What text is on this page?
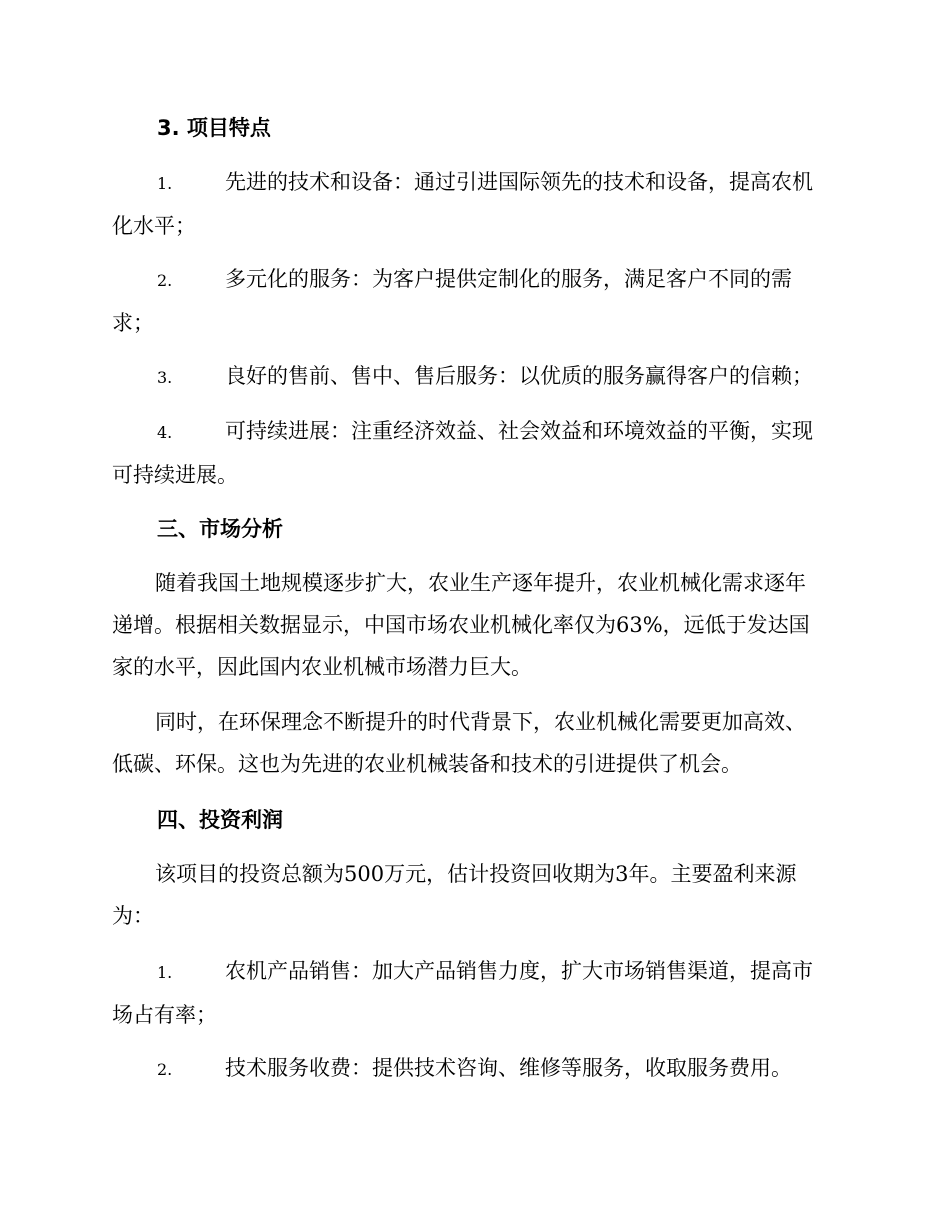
3. 项目特点
1.	先进的技术和设备：通过引进国际领先的技术和设备，提高农机
化水平；
2.	多元化的服务：为客户提供定制化的服务，满足客户不同的需
求；
3.	良好的售前、售中、售后服务：以优质的服务赢得客户的信赖；
4.	可持续进展：注重经济效益、社会效益和环境效益的平衡，实现
可持续进展。
三、市场分析
随着我国土地规模逐步扩大，农业生产逐年提升，农业机械化需求逐年
递增。根据相关数据显示，中国市场农业机械化率仅为63%，远低于发达国
家的水平，因此国内农业机械市场潜力巨大。
同时，在环保理念不断提升的时代背景下，农业机械化需要更加高效、
低碳、环保。这也为先进的农业机械装备和技术的引进提供了机会。
四、投资利润
该项目的投资总额为500万元，估计投资回收期为3年。主要盈利来源
为：
1.	农机产品销售：加大产品销售力度，扩大市场销售渠道，提高市
场占有率；
2.	技术服务收费：提供技术咨询、维修等服务，收取服务费用。
